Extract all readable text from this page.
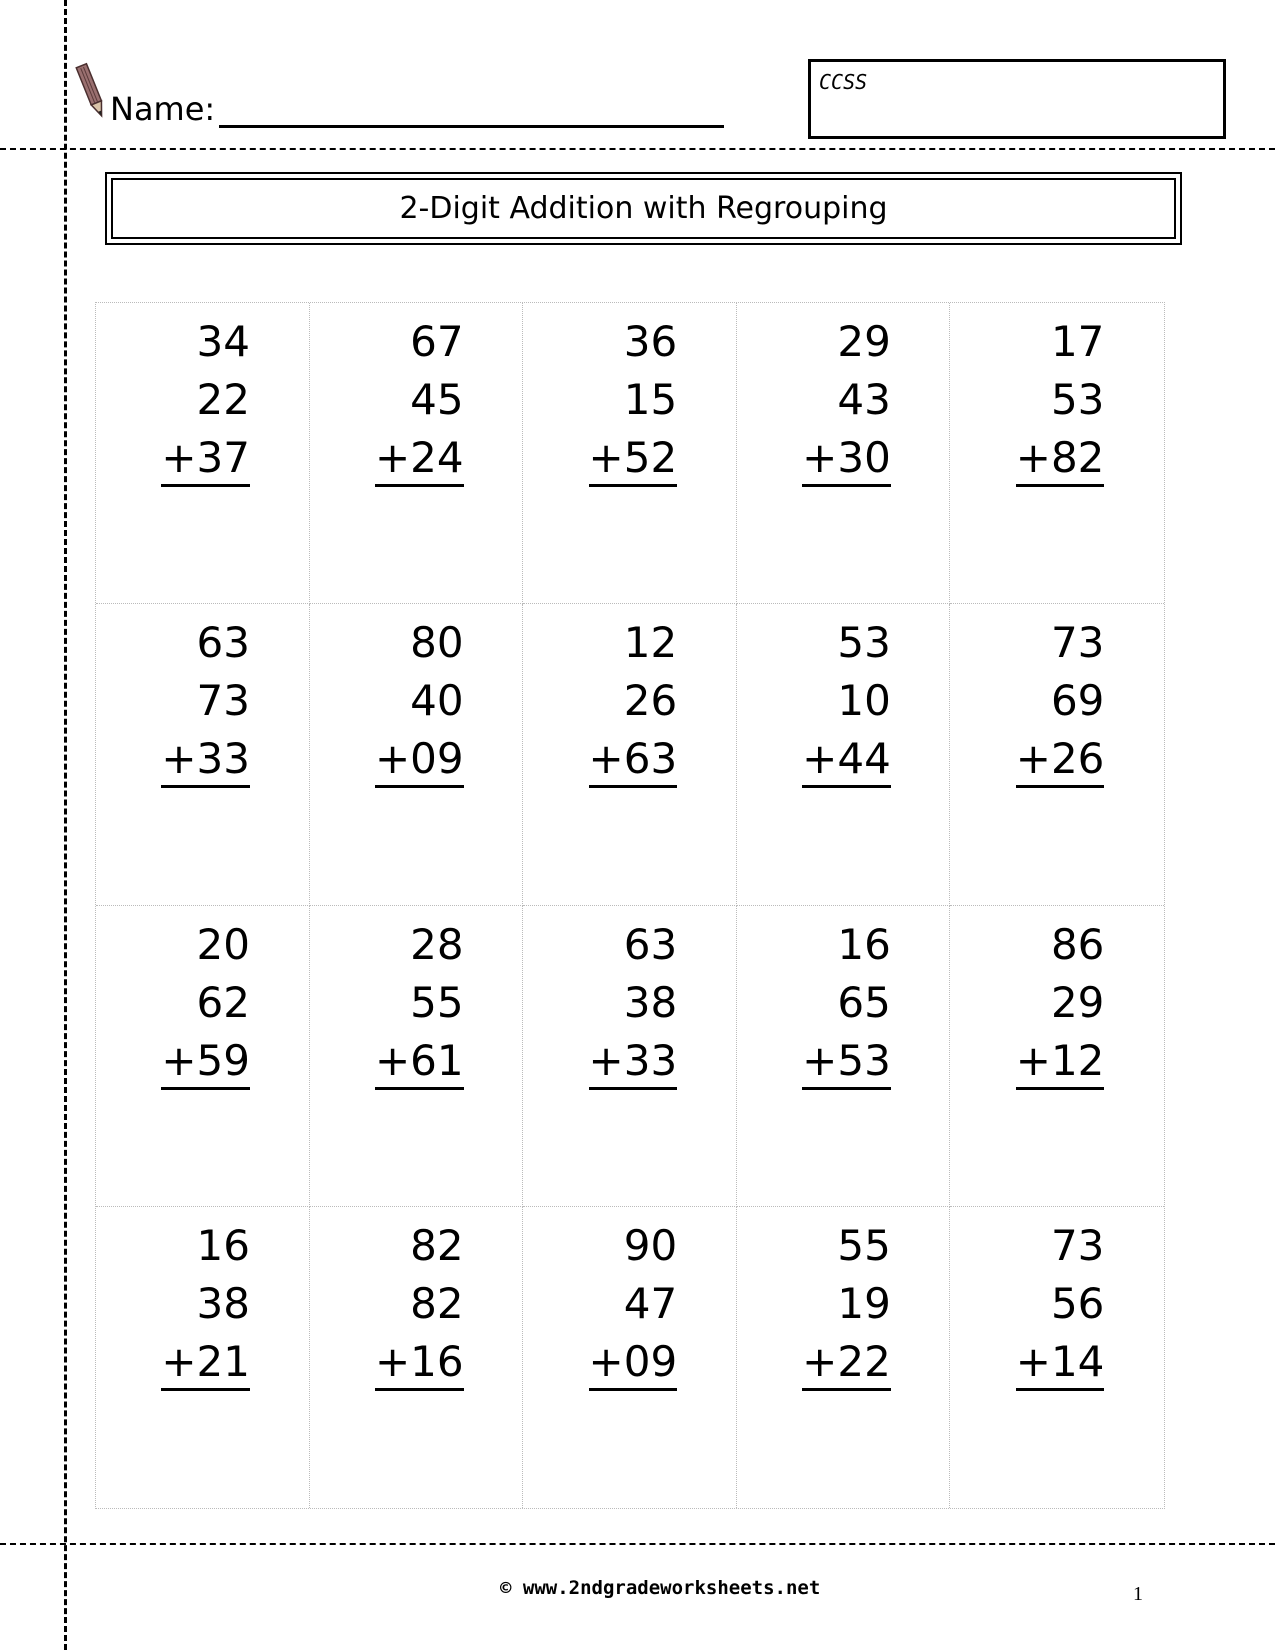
Name:
CCSS
2-Digit Addition with Regrouping
34
22
+37
67
45
+24
36
15
+52
29
43
+30
17
53
+82
63
73
+33
80
40
+09
12
26
+63
53
10
+44
73
69
+26
20
62
+59
28
55
+61
63
38
+33
16
65
+53
86
29
+12
16
38
+21
82
82
+16
90
47
+09
55
19
+22
73
56
+14
© www.2ndgradeworksheets.net	1
